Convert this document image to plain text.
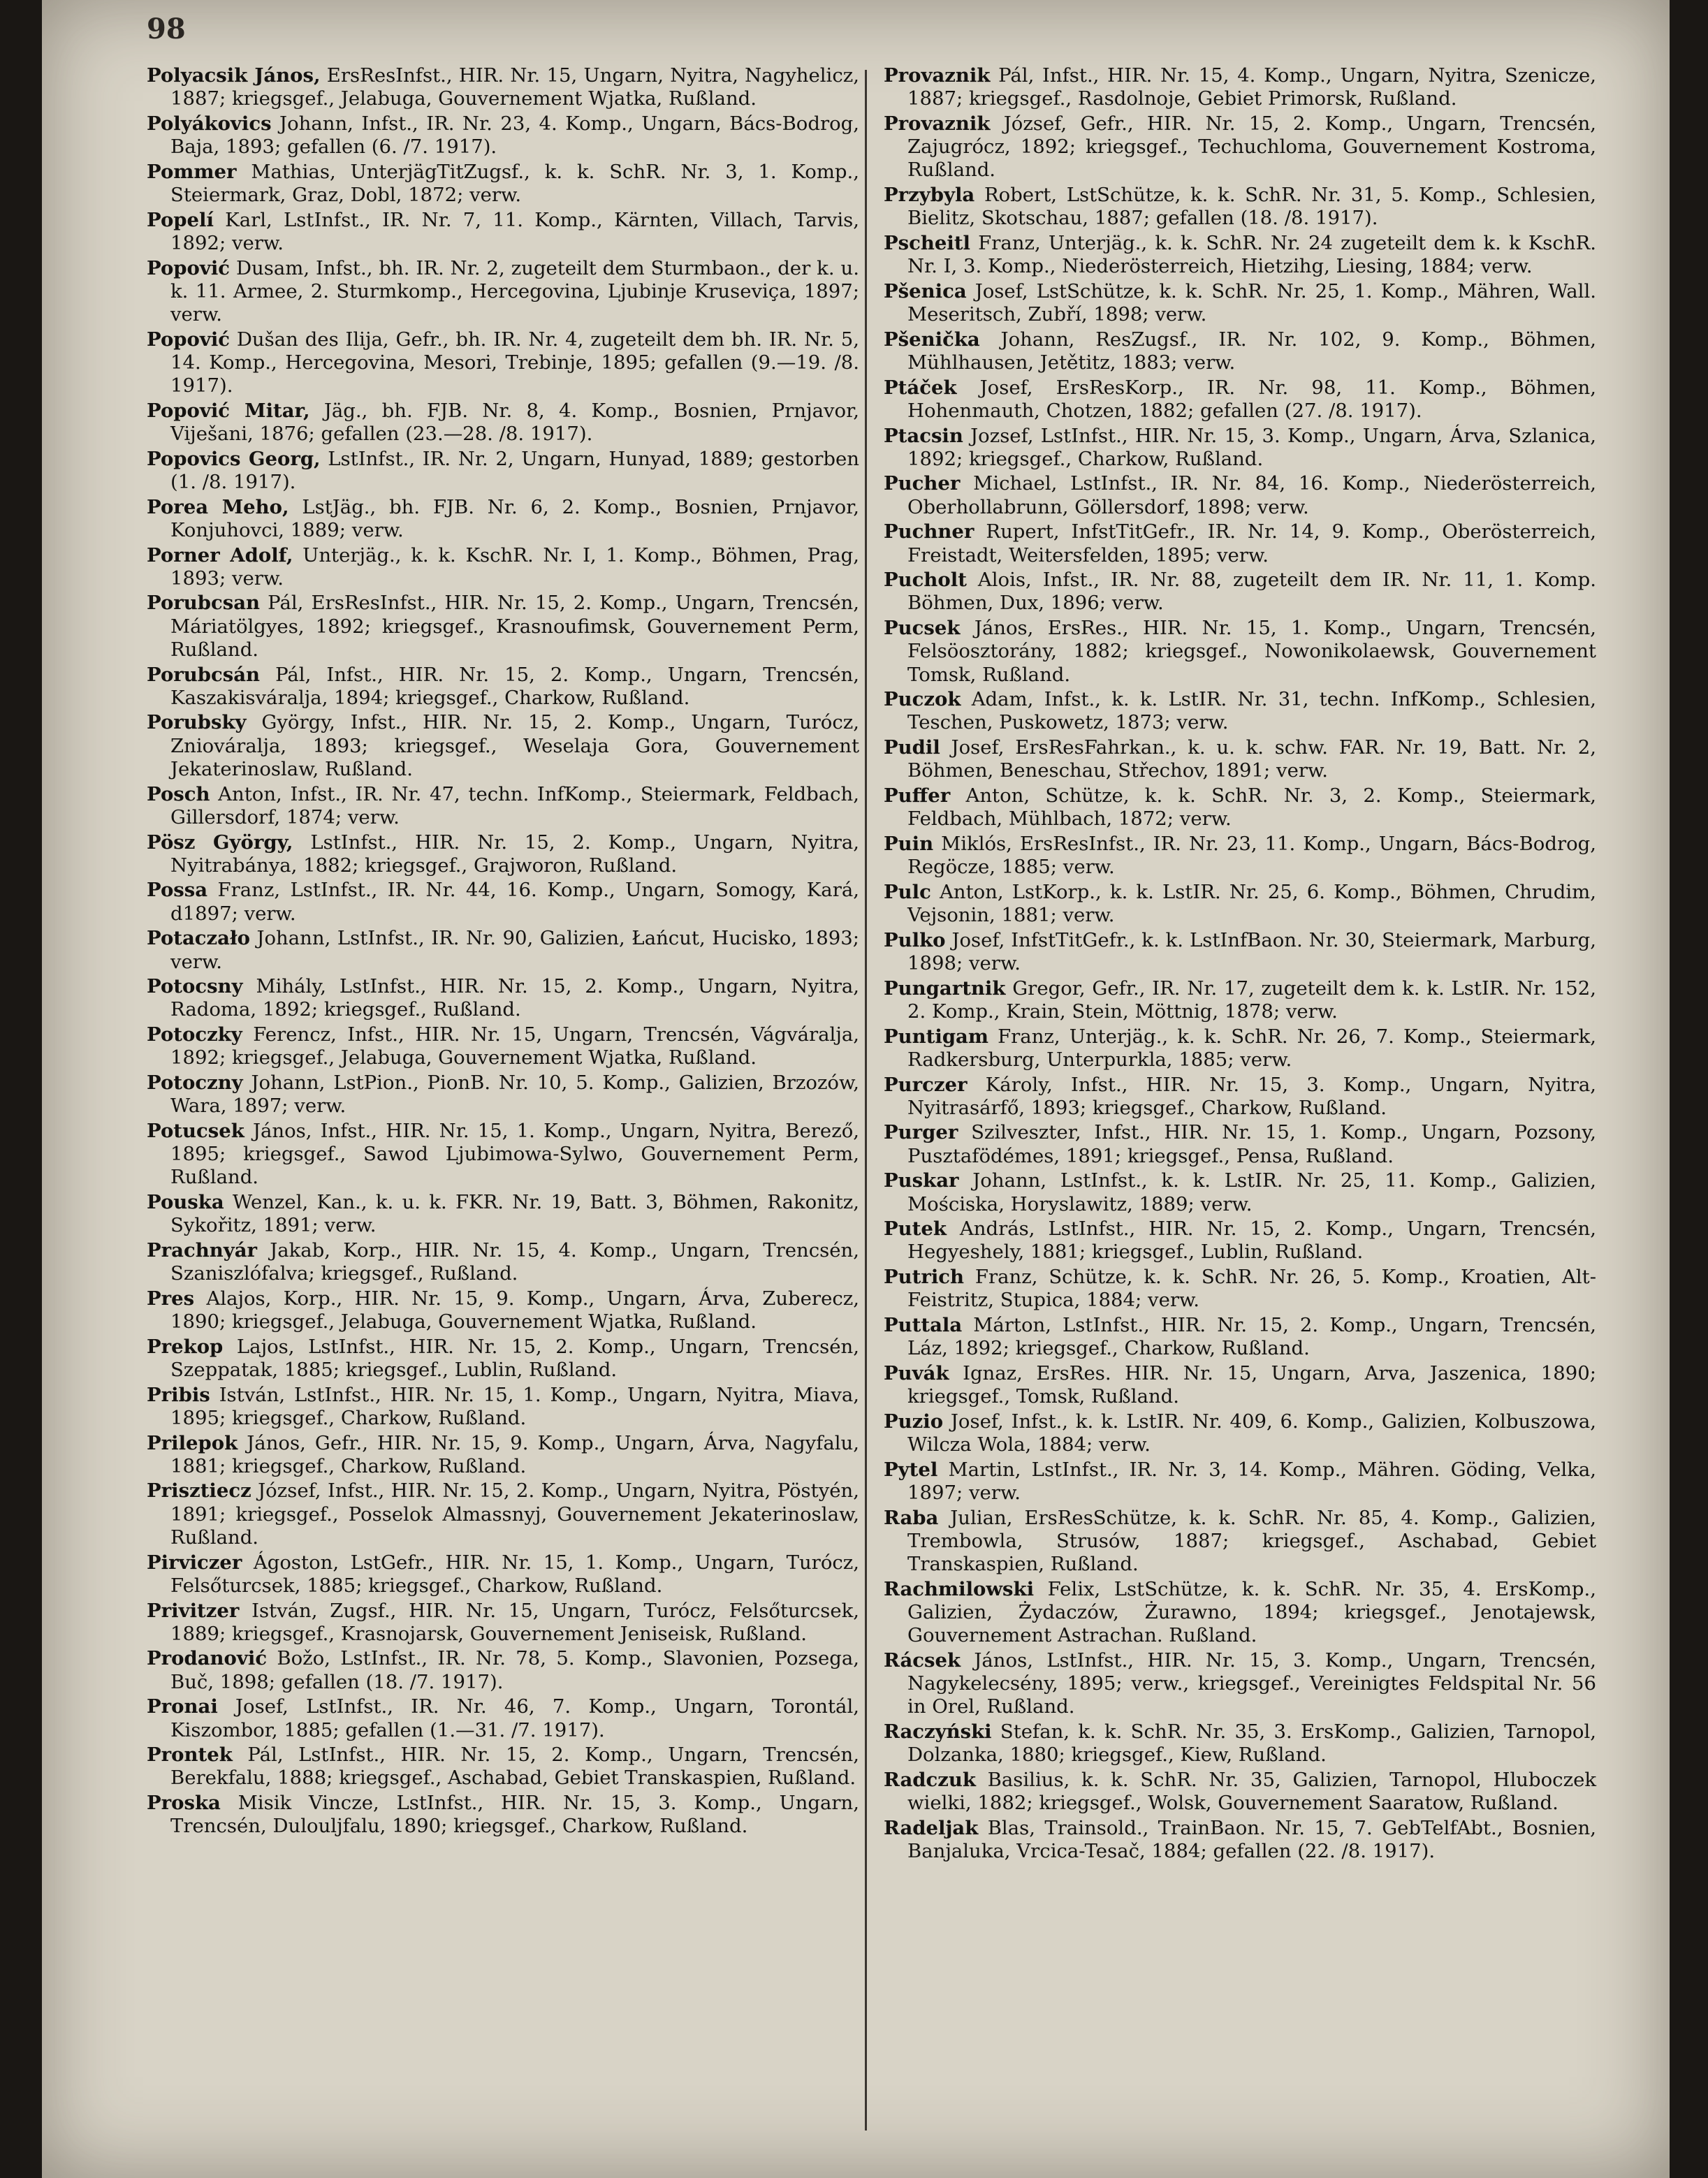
98

Polyacsik János, ErsResInfst., HIR. Nr. 15, Ungarn, Nyitra, Nagyhelicz, 1887; kriegsgef., Jelabuga, Gouvernement Wjatka, Rußland.

Polyákovics Johann, Infst., IR. Nr. 23, 4. Komp., Ungarn, Bács-Bodrog, Baja, 1893; gefallen (6. /7. 1917).

Pommer Mathias, UnterjägTitZugsf., k. k. SchR. Nr. 3, 1. Komp., Steiermark, Graz, Dobl, 1872; verw.

Popelí Karl, LstInfst., IR. Nr. 7, 11. Komp., Kärnten, Villach, Tarvis, 1892; verw.

Popović Dusam, Infst., bh. IR. Nr. 2, zugeteilt dem Sturmbaon., der k. u. k. 11. Armee, 2. Sturmkomp., Hercegovina, Ljubinje Kruseviça, 1897; verw.

Popović Dušan des Ilija, Gefr., bh. IR. Nr. 4, zugeteilt dem bh. IR. Nr. 5, 14. Komp., Hercegovina, Mesori, Trebinje, 1895; gefallen (9.—19. /8. 1917).

Popović Mitar, Jäg., bh. FJB. Nr. 8, 4. Komp., Bosnien, Prnjavor, Viješani, 1876; gefallen (23.—28. /8. 1917).

Popovics Georg, LstInfst., IR. Nr. 2, Ungarn, Hunyad, 1889; gestorben (1. /8. 1917).

Porea Meho, LstJäg., bh. FJB. Nr. 6, 2. Komp., Bosnien, Prnjavor, Konjuhovci, 1889; verw.

Porner Adolf, Unterjäg., k. k. KschR. Nr. I, 1. Komp., Böhmen, Prag, 1893; verw.

Porubcsan Pál, ErsResInfst., HIR. Nr. 15, 2. Komp., Ungarn, Trencsén, Máriatölgyes, 1892; kriegsgef., Krasnoufimsk, Gouvernement Perm, Rußland.

Porubcsán Pál, Infst., HIR. Nr. 15, 2. Komp., Ungarn, Trencsén, Kaszakisváralja, 1894; kriegsgef., Charkow, Rußland.

Porubsky György, Infst., HIR. Nr. 15, 2. Komp., Ungarn, Turócz, Zniováralja, 1893; kriegsgef., Weselaja Gora, Gouvernement Jekaterinoslaw, Rußland.

Posch Anton, Infst., IR. Nr. 47, techn. InfKomp., Steiermark, Feldbach, Gillersdorf, 1874; verw.

Pösz György, LstInfst., HIR. Nr. 15, 2. Komp., Ungarn, Nyitra, Nyitrabánya, 1882; kriegsgef., Grajworon, Rußland.

Possa Franz, LstInfst., IR. Nr. 44, 16. Komp., Ungarn, Somogy, Kará, d1897; verw.

Potaczało Johann, LstInfst., IR. Nr. 90, Galizien, Łańcut, Hucisko, 1893; verw.

Potocsny Mihály, LstInfst., HIR. Nr. 15, 2. Komp., Ungarn, Nyitra, Radoma, 1892; kriegsgef., Rußland.

Potoczky Ferencz, Infst., HIR. Nr. 15, Ungarn, Trencsén, Vágváralja, 1892; kriegsgef., Jelabuga, Gouvernement Wjatka, Rußland.

Potoczny Johann, LstPion., PionB. Nr. 10, 5. Komp., Galizien, Brzozów, Wara, 1897; verw.

Potucsek János, Infst., HIR. Nr. 15, 1. Komp., Ungarn, Nyitra, Berező, 1895; kriegsgef., Sawod Ljubimowa-Sylwo, Gouvernement Perm, Rußland.

Pouska Wenzel, Kan., k. u. k. FKR. Nr. 19, Batt. 3, Böhmen, Rakonitz, Sykořitz, 1891; verw.

Prachnyár Jakab, Korp., HIR. Nr. 15, 4. Komp., Ungarn, Trencsén, Szaniszlófalva; kriegsgef., Rußland.

Pres Alajos, Korp., HIR. Nr. 15, 9. Komp., Ungarn, Árva, Zuberecz, 1890; kriegsgef., Jelabuga, Gouvernement Wjatka, Rußland.

Prekop Lajos, LstInfst., HIR. Nr. 15, 2. Komp., Ungarn, Trencsén, Szeppatak, 1885; kriegsgef., Lublin, Rußland.

Pribis István, LstInfst., HIR. Nr. 15, 1. Komp., Ungarn, Nyitra, Miava, 1895; kriegsgef., Charkow, Rußland.

Prilepok János, Gefr., HIR. Nr. 15, 9. Komp., Ungarn, Árva, Nagyfalu, 1881; kriegsgef., Charkow, Rußland.

Prisztiecz József, Infst., HIR. Nr. 15, 2. Komp., Ungarn, Nyitra, Pöstyén, 1891; kriegsgef., Posselok Almassnyj, Gouvernement Jekaterinoslaw, Rußland.

Pirviczer Ágoston, LstGefr., HIR. Nr. 15, 1. Komp., Ungarn, Turócz, Felsőturcsek, 1885; kriegsgef., Charkow, Rußland.

Privitzer István, Zugsf., HIR. Nr. 15, Ungarn, Turócz, Felsőturcsek, 1889; kriegsgef., Krasnojarsk, Gouvernement Jeniseisk, Rußland.

Prodanović Božo, LstInfst., IR. Nr. 78, 5. Komp., Slavonien, Pozsega, Buč, 1898; gefallen (18. /7. 1917).

Pronai Josef, LstInfst., IR. Nr. 46, 7. Komp., Ungarn, Torontál, Kiszombor, 1885; gefallen (1.—31. /7. 1917).

Prontek Pál, LstInfst., HIR. Nr. 15, 2. Komp., Ungarn, Trencsén, Berekfalu, 1888; kriegsgef., Aschabad, Gebiet Transkaspien, Rußland.

Proska Misik Vincze, LstInfst., HIR. Nr. 15, 3. Komp., Ungarn, Trencsén, Dulouljfalu, 1890; kriegsgef., Charkow, Rußland.

Provaznik Pál, Infst., HIR. Nr. 15, 4. Komp., Ungarn, Nyitra, Szenicze, 1887; kriegsgef., Rasdolnoje, Gebiet Primorsk, Rußland.

Provaznik József, Gefr., HIR. Nr. 15, 2. Komp., Ungarn, Trencsén, Zajugrócz, 1892; kriegsgef., Techuchloma, Gouvernement Kostroma, Rußland.

Przybyla Robert, LstSchütze, k. k. SchR. Nr. 31, 5. Komp., Schlesien, Bielitz, Skotschau, 1887; gefallen (18. /8. 1917).

Pscheitl Franz, Unterjäg., k. k. SchR. Nr. 24 zugeteilt dem k. k KschR. Nr. I, 3. Komp., Niederösterreich, Hietzihg, Liesing, 1884; verw.

Pšenica Josef, LstSchütze, k. k. SchR. Nr. 25, 1. Komp., Mähren, Wall. Meseritsch, Zubří, 1898; verw.

Pšenička Johann, ResZugsf., IR. Nr. 102, 9. Komp., Böhmen, Mühlhausen, Jetětitz, 1883; verw.

Ptáček Josef, ErsResKorp., IR. Nr. 98, 11. Komp., Böhmen, Hohenmauth, Chotzen, 1882; gefallen (27. /8. 1917).

Ptacsin Jozsef, LstInfst., HIR. Nr. 15, 3. Komp., Ungarn, Árva, Szlanica, 1892; kriegsgef., Charkow, Rußland.

Pucher Michael, LstInfst., IR. Nr. 84, 16. Komp., Niederösterreich, Oberhollabrunn, Göllersdorf, 1898; verw.

Puchner Rupert, InfstTitGefr., IR. Nr. 14, 9. Komp., Oberösterreich, Freistadt, Weitersfelden, 1895; verw.

Pucholt Alois, Infst., IR. Nr. 88, zugeteilt dem IR. Nr. 11, 1. Komp. Böhmen, Dux, 1896; verw.

Pucsek János, ErsRes., HIR. Nr. 15, 1. Komp., Ungarn, Trencsén, Felsöosztorány, 1882; kriegsgef., Nowonikolaewsk, Gouvernement Tomsk, Rußland.

Puczok Adam, Infst., k. k. LstIR. Nr. 31, techn. InfKomp., Schlesien, Teschen, Puskowetz, 1873; verw.

Pudil Josef, ErsResFahrkan., k. u. k. schw. FAR. Nr. 19, Batt. Nr. 2, Böhmen, Beneschau, Střechov, 1891; verw.

Puffer Anton, Schütze, k. k. SchR. Nr. 3, 2. Komp., Steiermark, Feldbach, Mühlbach, 1872; verw.

Puin Miklós, ErsResInfst., IR. Nr. 23, 11. Komp., Ungarn, Bács-Bodrog, Regöcze, 1885; verw.

Pulc Anton, LstKorp., k. k. LstIR. Nr. 25, 6. Komp., Böhmen, Chrudim, Vejsonin, 1881; verw.

Pulko Josef, InfstTitGefr., k. k. LstInfBaon. Nr. 30, Steiermark, Marburg, 1898; verw.

Pungartnik Gregor, Gefr., IR. Nr. 17, zugeteilt dem k. k. LstIR. Nr. 152, 2. Komp., Krain, Stein, Möttnig, 1878; verw.

Puntigam Franz, Unterjäg., k. k. SchR. Nr. 26, 7. Komp., Steiermark, Radkersburg, Unterpurkla, 1885; verw.

Purczer Károly, Infst., HIR. Nr. 15, 3. Komp., Ungarn, Nyitra, Nyitrasárfő, 1893; kriegsgef., Charkow, Rußland.

Purger Szilveszter, Infst., HIR. Nr. 15, 1. Komp., Ungarn, Pozsony, Pusztafödémes, 1891; kriegsgef., Pensa, Rußland.

Puskar Johann, LstInfst., k. k. LstIR. Nr. 25, 11. Komp., Galizien, Mościska, Horyslawitz, 1889; verw.

Putek András, LstInfst., HIR. Nr. 15, 2. Komp., Ungarn, Trencsén, Hegyeshely, 1881; kriegsgef., Lublin, Rußland.

Putrich Franz, Schütze, k. k. SchR. Nr. 26, 5. Komp., Kroatien, Alt-Feistritz, Stupica, 1884; verw.

Puttala Márton, LstInfst., HIR. Nr. 15, 2. Komp., Ungarn, Trencsén, Láz, 1892; kriegsgef., Charkow, Rußland.

Puvák Ignaz, ErsRes. HIR. Nr. 15, Ungarn, Arva, Jaszenica, 1890; kriegsgef., Tomsk, Rußland.

Puzio Josef, Infst., k. k. LstIR. Nr. 409, 6. Komp., Galizien, Kolbuszowa, Wilcza Wola, 1884; verw.

Pytel Martin, LstInfst., IR. Nr. 3, 14. Komp., Mähren. Göding, Velka, 1897; verw.

Raba Julian, ErsResSchütze, k. k. SchR. Nr. 85, 4. Komp., Galizien, Trembowla, Strusów, 1887; kriegsgef., Aschabad, Gebiet Transkaspien, Rußland.

Rachmilowski Felix, LstSchütze, k. k. SchR. Nr. 35, 4. ErsKomp., Galizien, Żydaczów, Żurawno, 1894; kriegsgef., Jenotajewsk, Gouvernement Astrachan. Rußland.

Rácsek János, LstInfst., HIR. Nr. 15, 3. Komp., Ungarn, Trencsén, Nagykelecsény, 1895; verw., kriegsgef., Vereinigtes Feldspital Nr. 56 in Orel, Rußland.

Raczyński Stefan, k. k. SchR. Nr. 35, 3. ErsKomp., Galizien, Tarnopol, Dolzanka, 1880; kriegsgef., Kiew, Rußland.

Radczuk Basilius, k. k. SchR. Nr. 35, Galizien, Tarnopol, Hluboczek wielki, 1882; kriegsgef., Wolsk, Gouvernement Saaratow, Rußland.

Radeljak Blas, Trainsold., TrainBaon. Nr. 15, 7. GebTelfAbt., Bosnien, Banjaluka, Vrcica-Tesač, 1884; gefallen (22. /8. 1917).
